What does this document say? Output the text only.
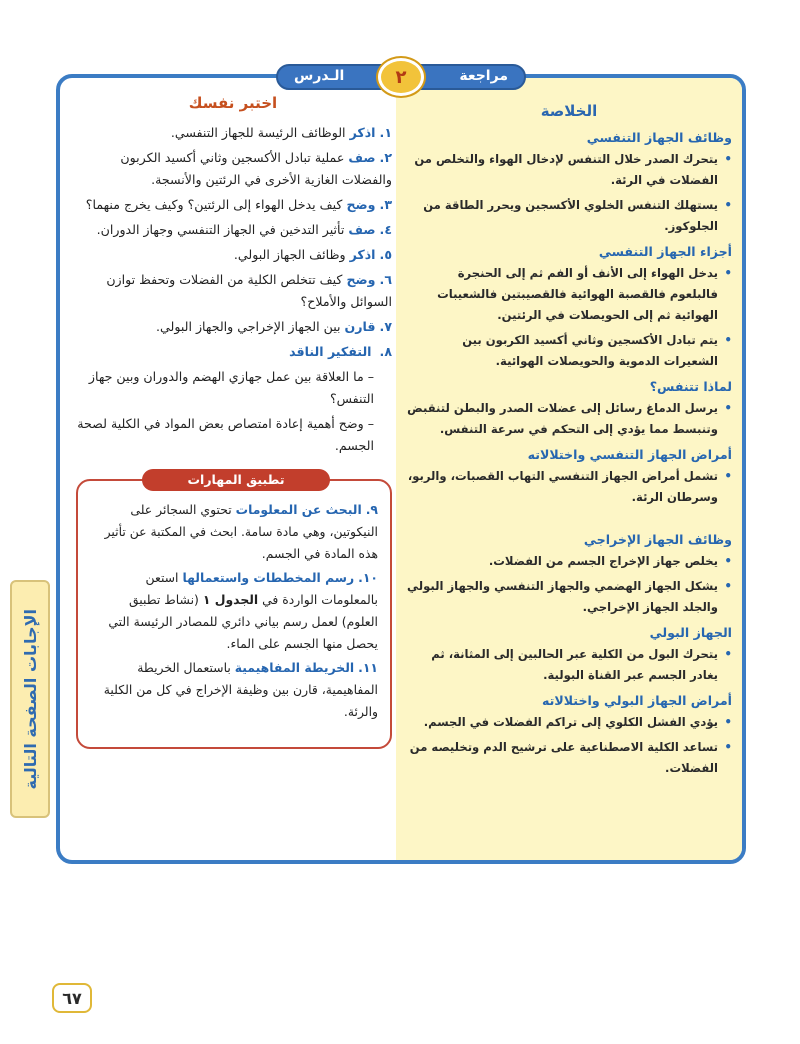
اختبر نفسك
١.اذكر الوظائف الرئيسة للجهاز التنفسي.
٢.صف عملية تبادل الأكسجين وثاني أكسيد الكربون والفضلات الغازية الأخرى في الرئتين والأنسجة.
٣.وضح كيف يدخل الهواء إلى الرئتين؟ وكيف يخرج منهما؟
٤.صف تأثير التدخين في الجهاز التنفسي وجهاز الدوران.
٥.اذكر وظائف الجهاز البولي.
٦.وضح كيف تتخلص الكلية من الفضلات وتحفظ توازن السوائل والأملاح؟
٧.قارن بين الجهاز الإخراجي والجهاز البولي.
٨. التفكير الناقد
– ما العلاقة بين عمل جهازي الهضم والدوران وبين جهاز التنفس؟
– وضح أهمية إعادة امتصاص بعض المواد في الكلية لصحة الجسم.
تطبيق المهارات
٩.البحث عن المعلومات تحتوي السجائر على النيكوتين، وهي مادة سامة. ابحث في المكتبة عن تأثير هذه المادة في الجسم.
١٠.رسم المخططات واستعمالها استعن بالمعلومات الواردة في الجدول ١ (نشاط تطبيق العلوم) لعمل رسم بياني دائري للمصادر الرئيسة التي يحصل منها الجسم على الماء.
١١.الخريطة المفاهيمية باستعمال الخريطة المفاهيمية، قارن بين وظيفة الإخراج في كل من الكلية والرئة.
الخلاصة
وظائف الجهاز التنفسي
•
يتحرك الصدر خلال التنفس لإدخال الهواء والتخلص من الفضلات في الرئة.
•
يستهلك التنفس الخلوي الأكسجين ويحرر الطاقة من الجلوكوز.
أجزاء الجهاز التنفسي
•
يدخل الهواء إلى الأنف أو الفم ثم إلى الحنجرة فالبلعوم فالقصبة الهوائية فالقصيبتين فالشعيبات الهوائية ثم إلى الحويصلات في الرئتين.
•
يتم تبادل الأكسجين وثاني أكسيد الكربون بين الشعيرات الدموية والحويصلات الهوائية.
لماذا تتنفس؟
•
يرسل الدماغ رسائل إلى عضلات الصدر والبطن لتنقبض وتنبسط مما يؤدي إلى التحكم في سرعة التنفس.
أمراض الجهاز التنفسي واختلالاته
•
تشمل أمراض الجهاز التنفسي التهاب القصبات، والربو، وسرطان الرئة.
وظائف الجهاز الإخراجي
•
يخلص جهاز الإخراج الجسم من الفضلات.
•
يشكل الجهاز الهضمي والجهاز التنفسي والجهاز البولي والجلد الجهاز الإخراجي.
الجهاز البولي
•
يتحرك البول من الكلية عبر الحالبين إلى المثانة، ثم يغادر الجسم عبر القناة البولية.
أمراض الجهاز البولي واختلالاته
•
يؤدي الفشل الكلوي إلى تراكم الفضلات في الجسم.
•
تساعد الكلية الاصطناعية على ترشيح الدم وتخليصه من الفضلات.
الـدرس	مراجعة
٢
الإجابات الصفحة التالية
٦٧
